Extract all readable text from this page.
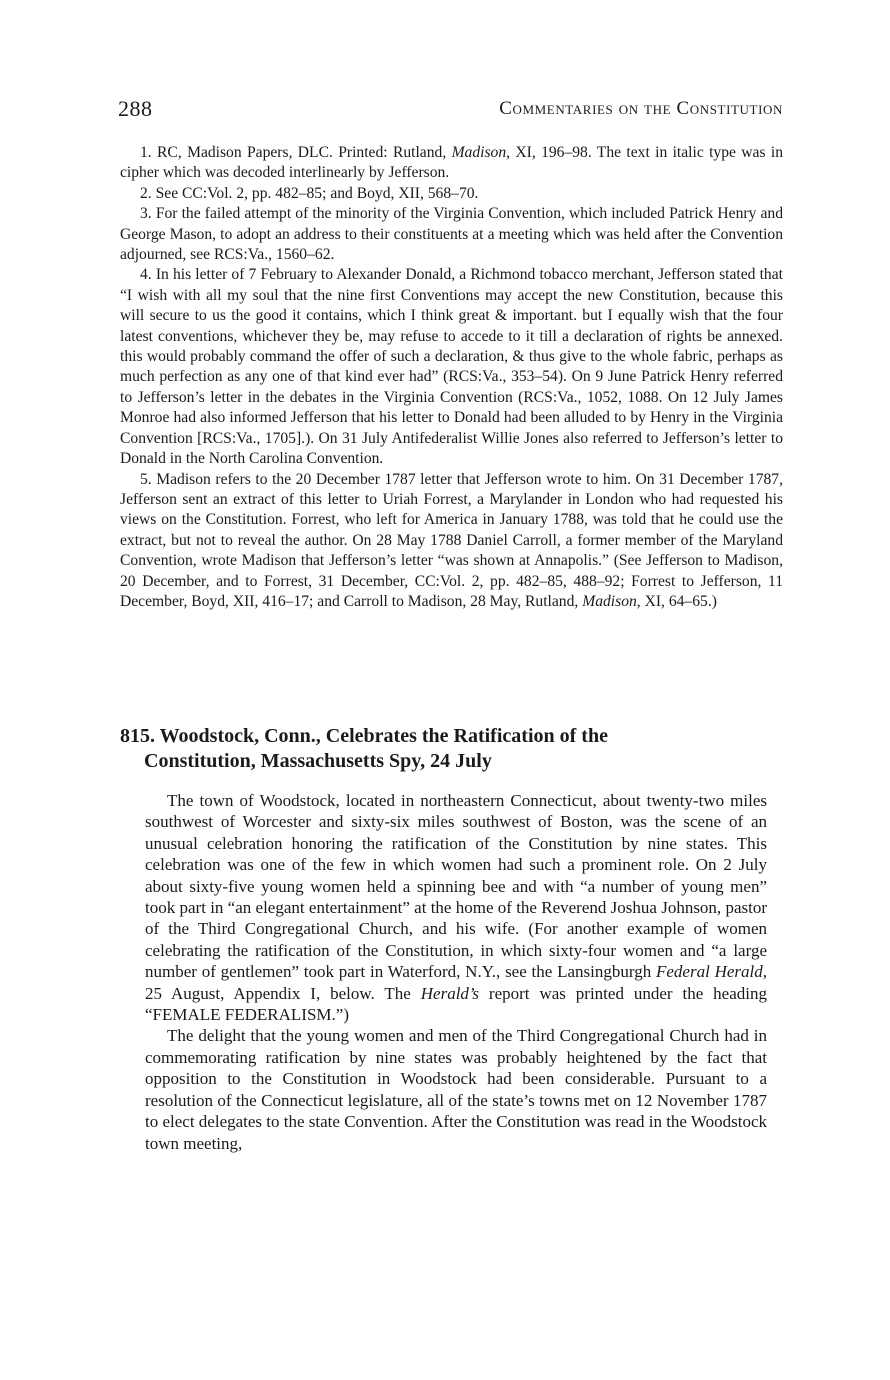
288	Commentaries on the Constitution

1. RC, Madison Papers, DLC. Printed: Rutland, Madison, XI, 196–98. The text in italic type was in cipher which was decoded interlinearly by Jefferson.

2. See CC:Vol. 2, pp. 482–85; and Boyd, XII, 568–70.

3. For the failed attempt of the minority of the Virginia Convention, which included Patrick Henry and George Mason, to adopt an address to their constituents at a meeting which was held after the Convention adjourned, see RCS:Va., 1560–62.

4. In his letter of 7 February to Alexander Donald, a Richmond tobacco merchant, Jefferson stated that “I wish with all my soul that the nine first Conventions may accept the new Constitution, because this will secure to us the good it contains, which I think great & important. but I equally wish that the four latest conventions, whichever they be, may refuse to accede to it till a declaration of rights be annexed. this would probably command the offer of such a declaration, & thus give to the whole fabric, perhaps as much perfection as any one of that kind ever had” (RCS:Va., 353–54). On 9 June Patrick Henry referred to Jefferson’s letter in the debates in the Virginia Convention (RCS:Va., 1052, 1088. On 12 July James Monroe had also informed Jefferson that his letter to Donald had been alluded to by Henry in the Virginia Convention [RCS:Va., 1705].). On 31 July Antifederalist Willie Jones also referred to Jefferson’s letter to Donald in the North Carolina Convention.

5. Madison refers to the 20 December 1787 letter that Jefferson wrote to him. On 31 December 1787, Jefferson sent an extract of this letter to Uriah Forrest, a Marylander in London who had requested his views on the Constitution. Forrest, who left for America in January 1788, was told that he could use the extract, but not to reveal the author. On 28 May 1788 Daniel Carroll, a former member of the Maryland Convention, wrote Madison that Jefferson’s letter “was shown at Annapolis.” (See Jefferson to Madison, 20 December, and to Forrest, 31 December, CC:Vol. 2, pp. 482–85, 488–92; Forrest to Jefferson, 11 December, Boyd, XII, 416–17; and Carroll to Madison, 28 May, Rutland, Madison, XI, 64–65.)

815. Woodstock, Conn., Celebrates the Ratification of the
Constitution, Massachusetts Spy, 24 July

The town of Woodstock, located in northeastern Connecticut, about twenty-two miles southwest of Worcester and sixty-six miles southwest of Boston, was the scene of an unusual celebration honoring the ratification of the Constitution by nine states. This celebration was one of the few in which women had such a prominent role. On 2 July about sixty-five young women held a spinning bee and with “a number of young men” took part in “an elegant entertainment” at the home of the Reverend Joshua Johnson, pastor of the Third Congregational Church, and his wife. (For another example of women celebrating the ratification of the Constitution, in which sixty-four women and “a large number of gentlemen” took part in Waterford, N.Y., see the Lansingburgh Federal Herald, 25 August, Appendix I, below. The Herald’s report was printed under the heading “FEMALE FEDERALISM.”)

The delight that the young women and men of the Third Congregational Church had in commemorating ratification by nine states was probably heightened by the fact that opposition to the Constitution in Woodstock had been considerable. Pursuant to a resolution of the Connecticut legislature, all of the state’s towns met on 12 November 1787 to elect delegates to the state Convention. After the Constitution was read in the Woodstock town meeting,
